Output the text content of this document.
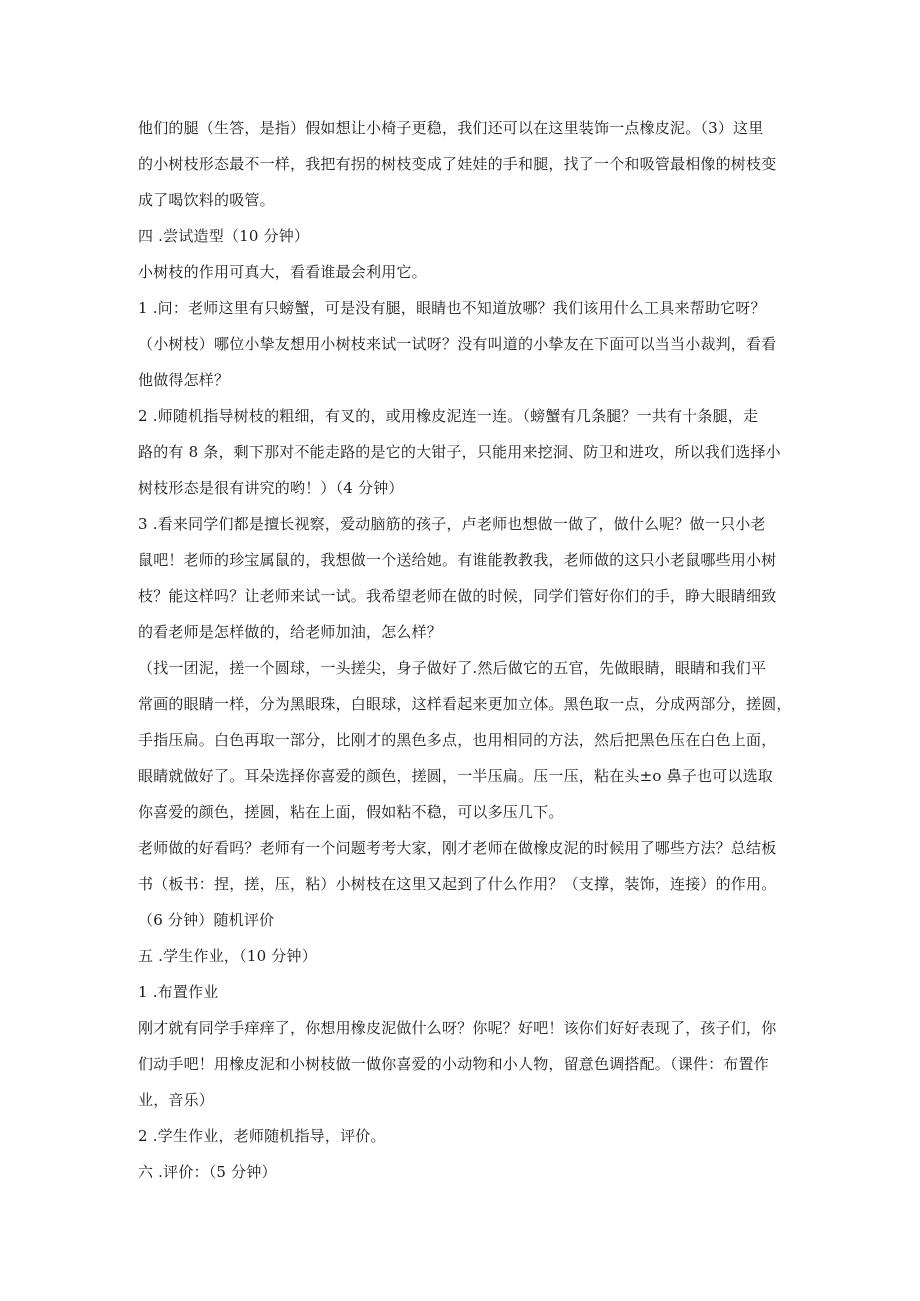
他们的腿（生答，是指）假如想让小椅子更稳，我们还可以在这里装饰一点橡皮泥。（3）这里

的小树枝形态最不一样，我把有拐的树枝变成了娃娃的手和腿，找了一个和吸管最相像的树枝变

成了喝饮料的吸管。

四 .尝试造型（10 分钟）

小树枝的作用可真大，看看谁最会利用它。

1 .问：老师这里有只螃蟹，可是没有腿，眼睛也不知道放哪？我们该用什么工具来帮助它呀？

（小树枝）哪位小挚友想用小树枝来试一试呀？没有叫道的小挚友在下面可以当当小裁判，看看

他做得怎样？

2 .师随机指导树枝的粗细，有叉的，或用橡皮泥连一连。（螃蟹有几条腿？一共有十条腿，走

路的有 8 条，剩下那对不能走路的是它的大钳子，只能用来挖洞、防卫和进攻，所以我们选择小

树枝形态是很有讲究的哟！）（4 分钟）

3 .看来同学们都是擅长视察，爱动脑筋的孩子，卢老师也想做一做了，做什么呢？做一只小老

鼠吧！老师的珍宝属鼠的，我想做一个送给她。有谁能教教我，老师做的这只小老鼠哪些用小树

枝？能这样吗？让老师来试一试。我希望老师在做的时候，同学们管好你们的手，睁大眼睛细致

的看老师是怎样做的，给老师加油，怎么样？

（找一团泥，搓一个圆球，一头搓尖，身子做好了.然后做它的五官，先做眼睛，眼睛和我们平

常画的眼睛一样，分为黑眼珠，白眼球，这样看起来更加立体。黑色取一点，分成两部分，搓圆，

手指压扁。白色再取一部分，比刚才的黑色多点，也用相同的方法，然后把黑色压在白色上面，

眼睛就做好了。耳朵选择你喜爱的颜色，搓圆，一半压扁。压一压，粘在头±o 鼻子也可以选取

你喜爱的颜色，搓圆，粘在上面，假如粘不稳，可以多压几下。

老师做的好看吗？老师有一个问题考考大家，刚才老师在做橡皮泥的时候用了哪些方法？总结板

书（板书：捏，搓，压，粘）小树枝在这里又起到了什么作用？（支撑，装饰，连接）的作用。

（6 分钟）随机评价

五 .学生作业，（10 分钟）

1 .布置作业

刚才就有同学手痒痒了，你想用橡皮泥做什么呀？你呢？好吧！该你们好好表现了，孩子们，你

们动手吧！用橡皮泥和小树枝做一做你喜爱的小动物和小人物，留意色调搭配。（课件：布置作

业，音乐）

2 .学生作业，老师随机指导，评价。

六 .评价：（5 分钟）
